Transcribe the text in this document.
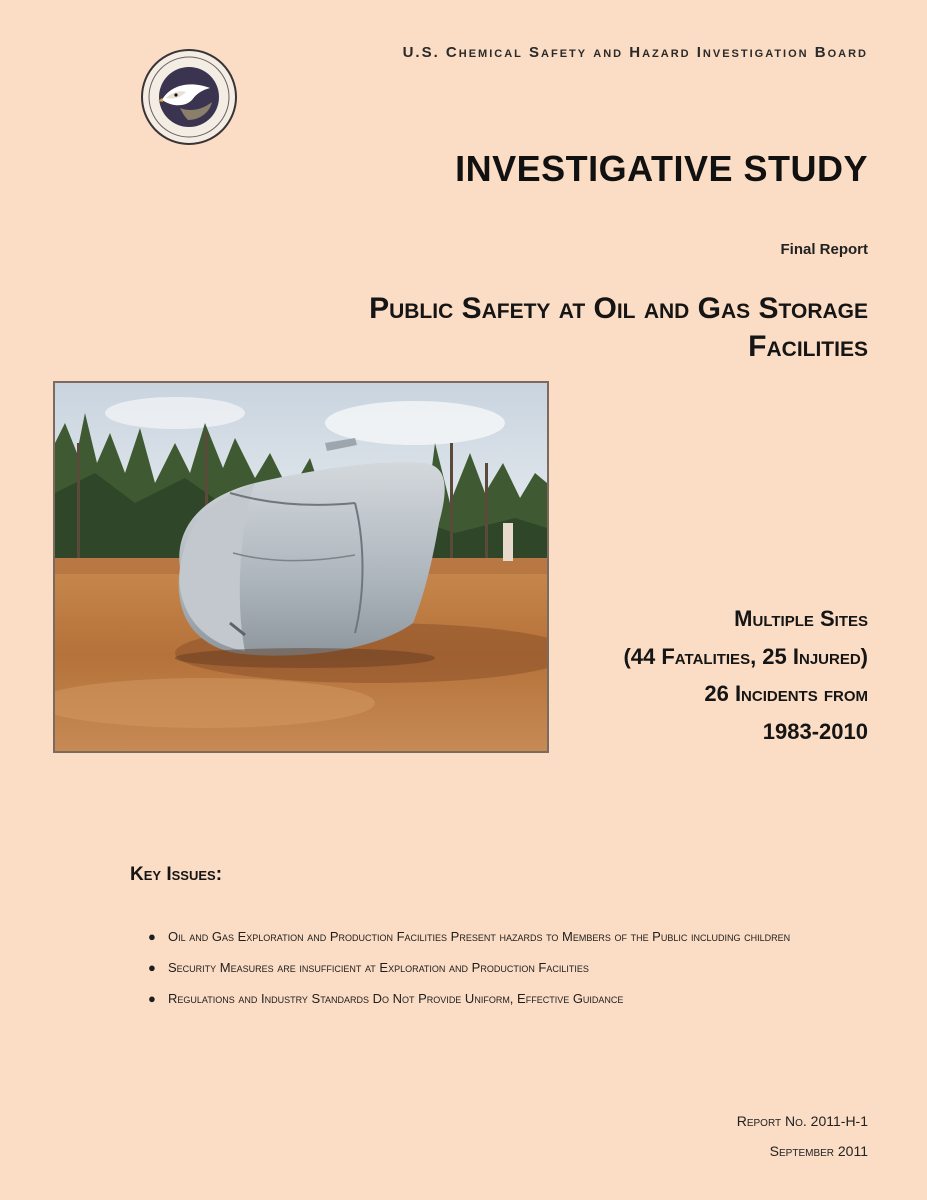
U.S. Chemical Safety and Hazard Investigation Board
INVESTIGATIVE STUDY
Final Report
Public Safety at Oil and Gas Storage
Facilities
Multiple Sites
(44 Fatalities, 25 Injured)
26 Incidents from
1983-2010
Key Issues:
● Oil and Gas Exploration and Production Facilities Present hazards to Members of the Public including children
● Security Measures are insufficient at Exploration and Production Facilities
● Regulations and Industry Standards Do Not Provide Uniform, Effective Guidance
Report No. 2011-H-1
September 2011
